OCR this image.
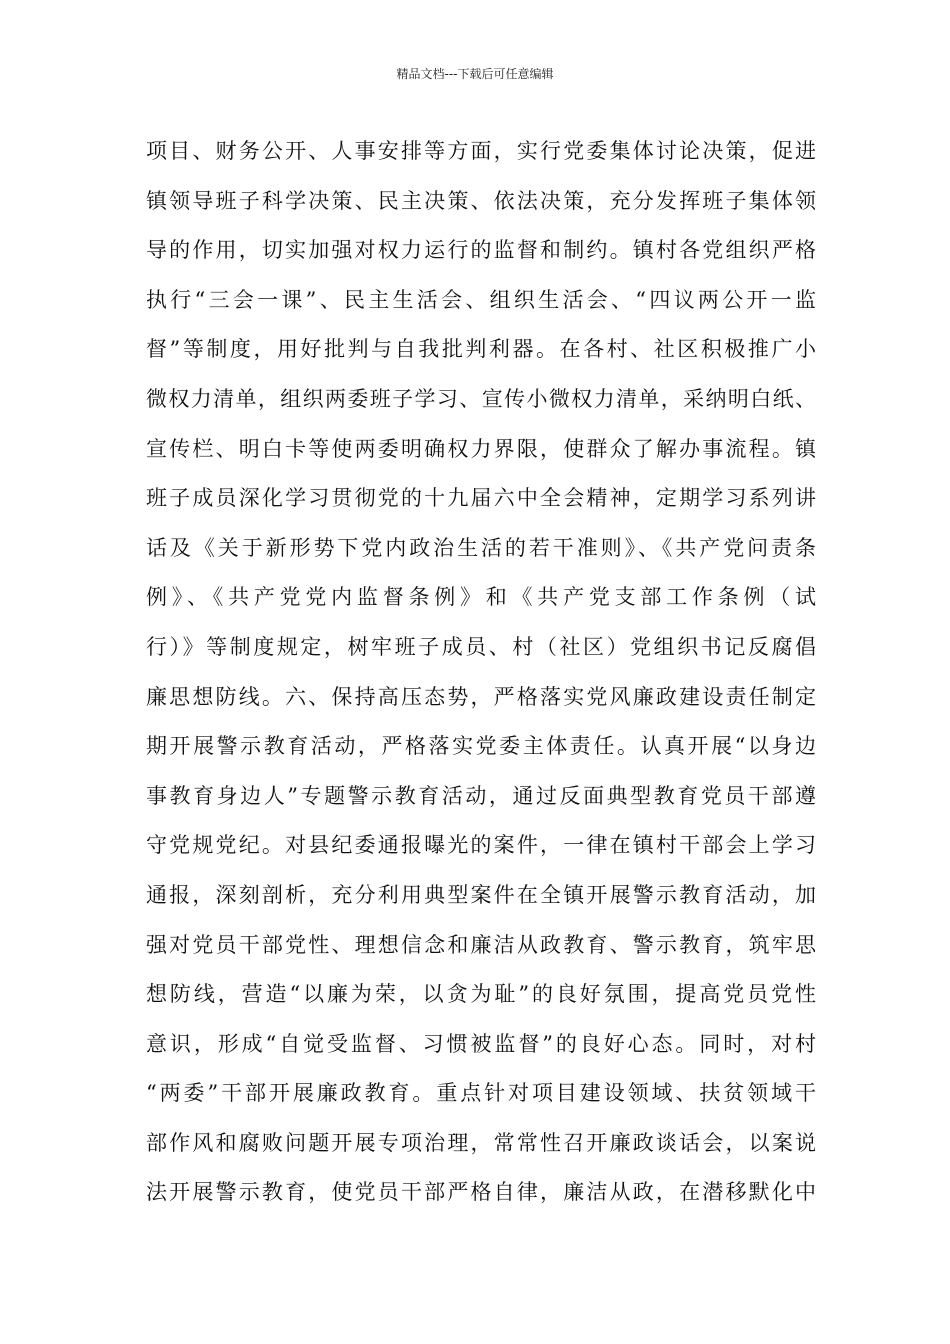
精品文档---下载后可任意编辑
项目、财务公开、人事安排等方面，实行党委集体讨论决策，促进
镇领导班子科学决策、民主决策、依法决策，充分发挥班子集体领
导的作用，切实加强对权力运行的监督和制约。镇村各党组织严格
执行“三会一课”、民主生活会、组织生活会、“四议两公开一监
督”等制度，用好批判与自我批判利器。在各村、社区积极推广小
微权力清单，组织两委班子学习、宣传小微权力清单，采纳明白纸、
宣传栏、明白卡等使两委明确权力界限，使群众了解办事流程。镇
班子成员深化学习贯彻党的十九届六中全会精神，定期学习系列讲
话及《关于新形势下党内政治生活的若干准则》、《共产党问责条
例》、《共产党党内监督条例》和《共产党支部工作条例（试
行）》等制度规定，树牢班子成员、村（社区）党组织书记反腐倡
廉思想防线。六、保持高压态势，严格落实党风廉政建设责任制定
期开展警示教育活动，严格落实党委主体责任。认真开展“以身边
事教育身边人”专题警示教育活动，通过反面典型教育党员干部遵
守党规党纪。对县纪委通报曝光的案件，一律在镇村干部会上学习
通报，深刻剖析，充分利用典型案件在全镇开展警示教育活动，加
强对党员干部党性、理想信念和廉洁从政教育、警示教育，筑牢思
想防线，营造“以廉为荣，以贪为耻”的良好氛围，提高党员党性
意识，形成“自觉受监督、习惯被监督”的良好心态。同时，对村
“两委”干部开展廉政教育。重点针对项目建设领域、扶贫领域干
部作风和腐败问题开展专项治理，常常性召开廉政谈话会，以案说
法开展警示教育，使党员干部严格自律，廉洁从政，在潜移默化中
